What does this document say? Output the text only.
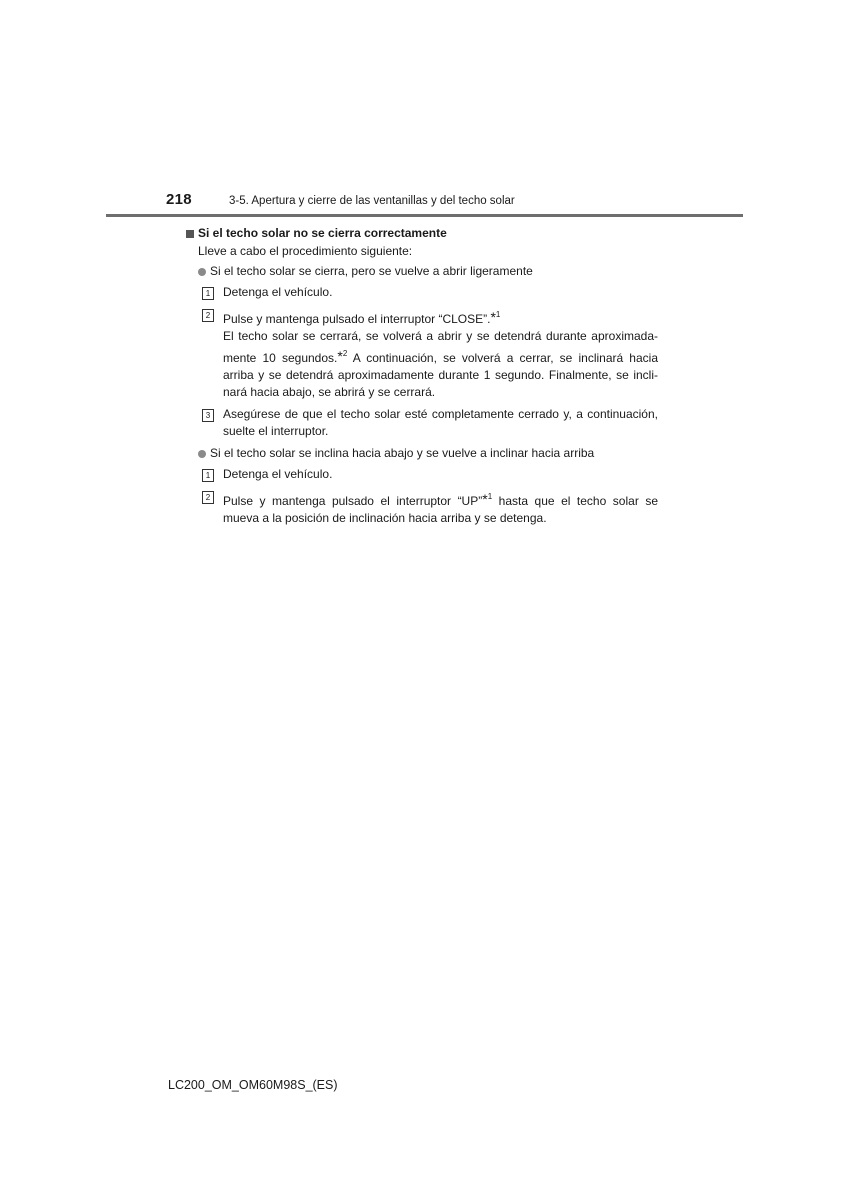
218	3-5. Apertura y cierre de las ventanillas y del techo solar
Si el techo solar no se cierra correctamente
Lleve a cabo el procedimiento siguiente:
Si el techo solar se cierra, pero se vuelve a abrir ligeramente
1	Detenga el vehículo.

2	Pulse y mantenga pulsado el interruptor “CLOSE”.*$^1$

El techo solar se cerrará, se volverá a abrir y se detendrá durante aproximada-mente 10 segundos.*$^2$ A continuación, se volverá a cerrar, se inclinará hacia arriba y se detendrá aproximadamente durante 1 segundo. Finalmente, se incli-nará hacia abajo, se abrirá y se cerrará.

3	Asegúrese de que el techo solar esté completamente cerrado y, a continuación, suelte el interruptor.

Si el techo solar se inclina hacia abajo y se vuelve a inclinar hacia arriba
1	Detenga el vehículo.

2	Pulse y mantenga pulsado el interruptor “UP”*$^1$ hasta que el techo solar se mueva a la posición de inclinación hacia arriba y se detenga.

LC200_OM_OM60M98S_(ES)
